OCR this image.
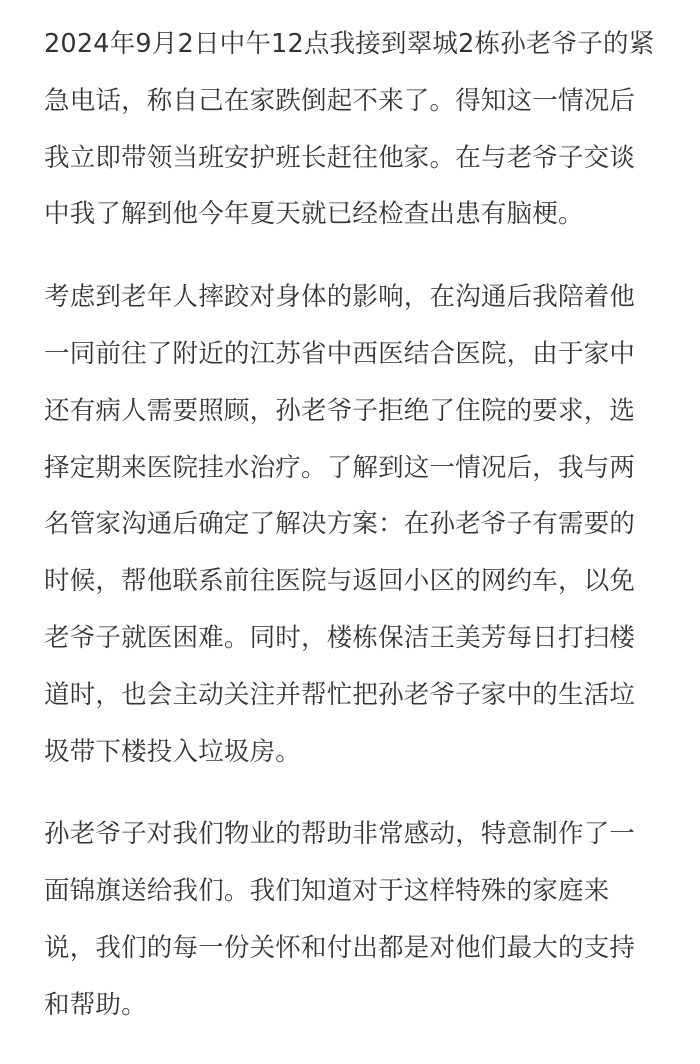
2024年9月2日中午12点我接到翠城2栋孙老爷子的紧
急电话，称自己在家跌倒起不来了。得知这一情况后
我立即带领当班安护班长赶往他家。在与老爷子交谈
中我了解到他今年夏天就已经检查出患有脑梗。
考虑到老年人摔跤对身体的影响，在沟通后我陪着他
一同前往了附近的江苏省中西医结合医院，由于家中
还有病人需要照顾，孙老爷子拒绝了住院的要求，选
择定期来医院挂水治疗。了解到这一情况后，我与两
名管家沟通后确定了解决方案：在孙老爷子有需要的
时候，帮他联系前往医院与返回小区的网约车，以免
老爷子就医困难。同时，楼栋保洁王美芳每日打扫楼
道时，也会主动关注并帮忙把孙老爷子家中的生活垃
圾带下楼投入垃圾房。
孙老爷子对我们物业的帮助非常感动，特意制作了一
面锦旗送给我们。我们知道对于这样特殊的家庭来
说，我们的每一份关怀和付出都是对他们最大的支持
和帮助。
